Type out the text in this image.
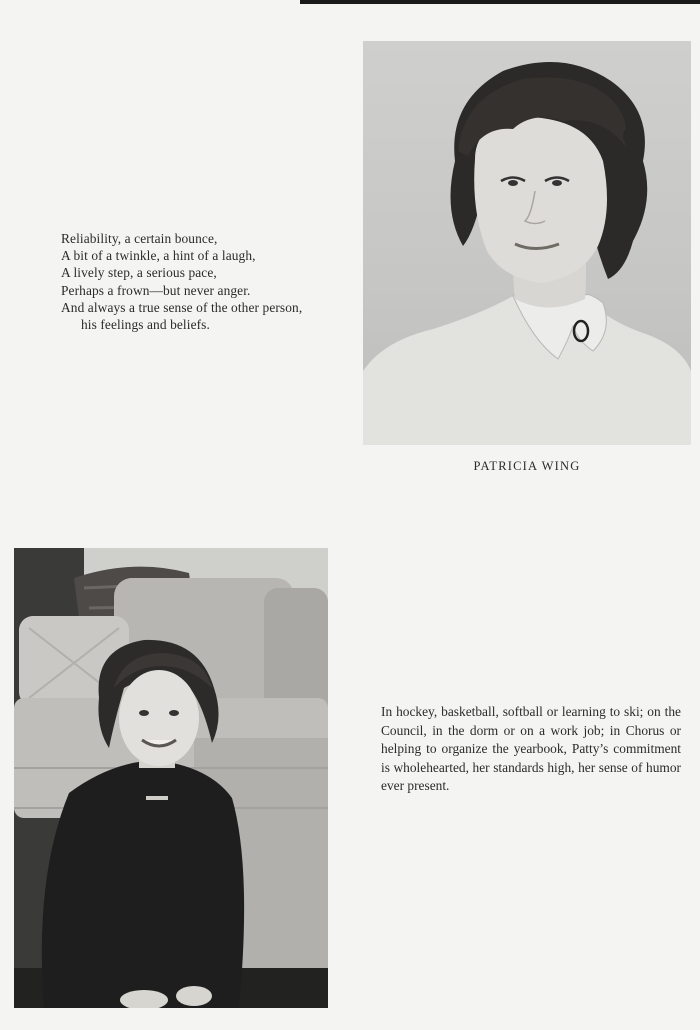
Reliability, a certain bounce,
A bit of a twinkle, a hint of a laugh,
A lively step, a serious pace,
Perhaps a frown—but never anger.
And always a true sense of the other person,
his feelings and beliefs.
PATRICIA WING
In hockey, basketball, softball or learning to ski; on the Council, in the dorm or on a work job; in Chorus or helping to organize the yearbook, Patty’s commitment is wholehearted, her standards high, her sense of humor ever present.
